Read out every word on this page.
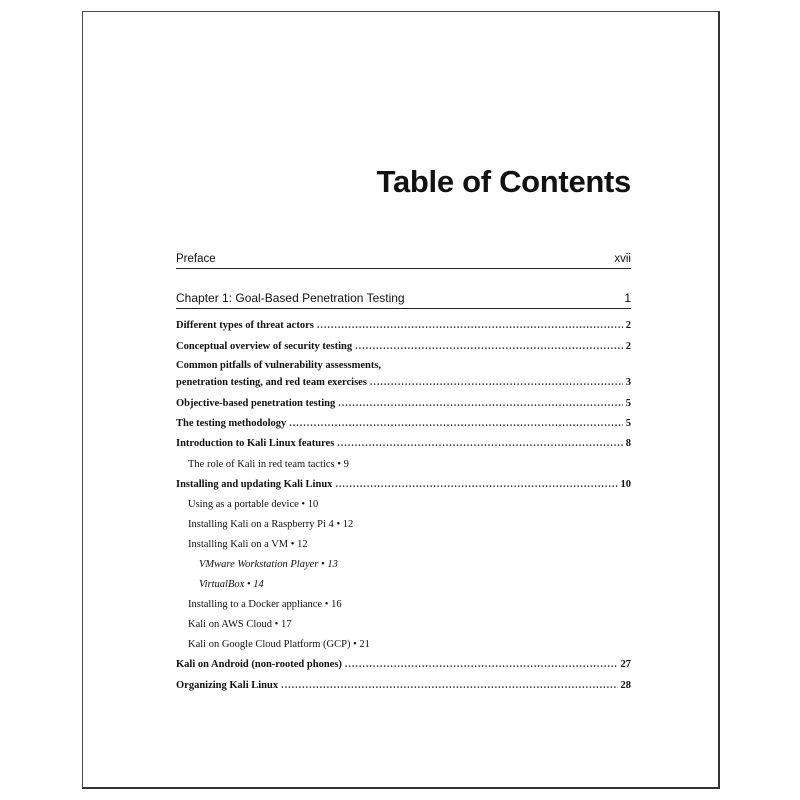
Table of Contents
Preface	xvii
Chapter 1: Goal-Based Penetration Testing	1
Different types of threat actors .....	2
Conceptual overview of security testing .....	2
Common pitfalls of vulnerability assessments,
penetration testing, and red team exercises .....	3
Objective-based penetration testing .....	5
The testing methodology .....	5
Introduction to Kali Linux features .....	8
The role of Kali in red team tactics • 9
Installing and updating Kali Linux .....	10
Using as a portable device • 10
Installing Kali on a Raspberry Pi 4 • 12
Installing Kali on a VM • 12
VMware Workstation Player • 13
VirtualBox • 14
Installing to a Docker appliance • 16
Kali on AWS Cloud • 17
Kali on Google Cloud Platform (GCP) • 21
Kali on Android (non-rooted phones) .....	27
Organizing Kali Linux .....	28
